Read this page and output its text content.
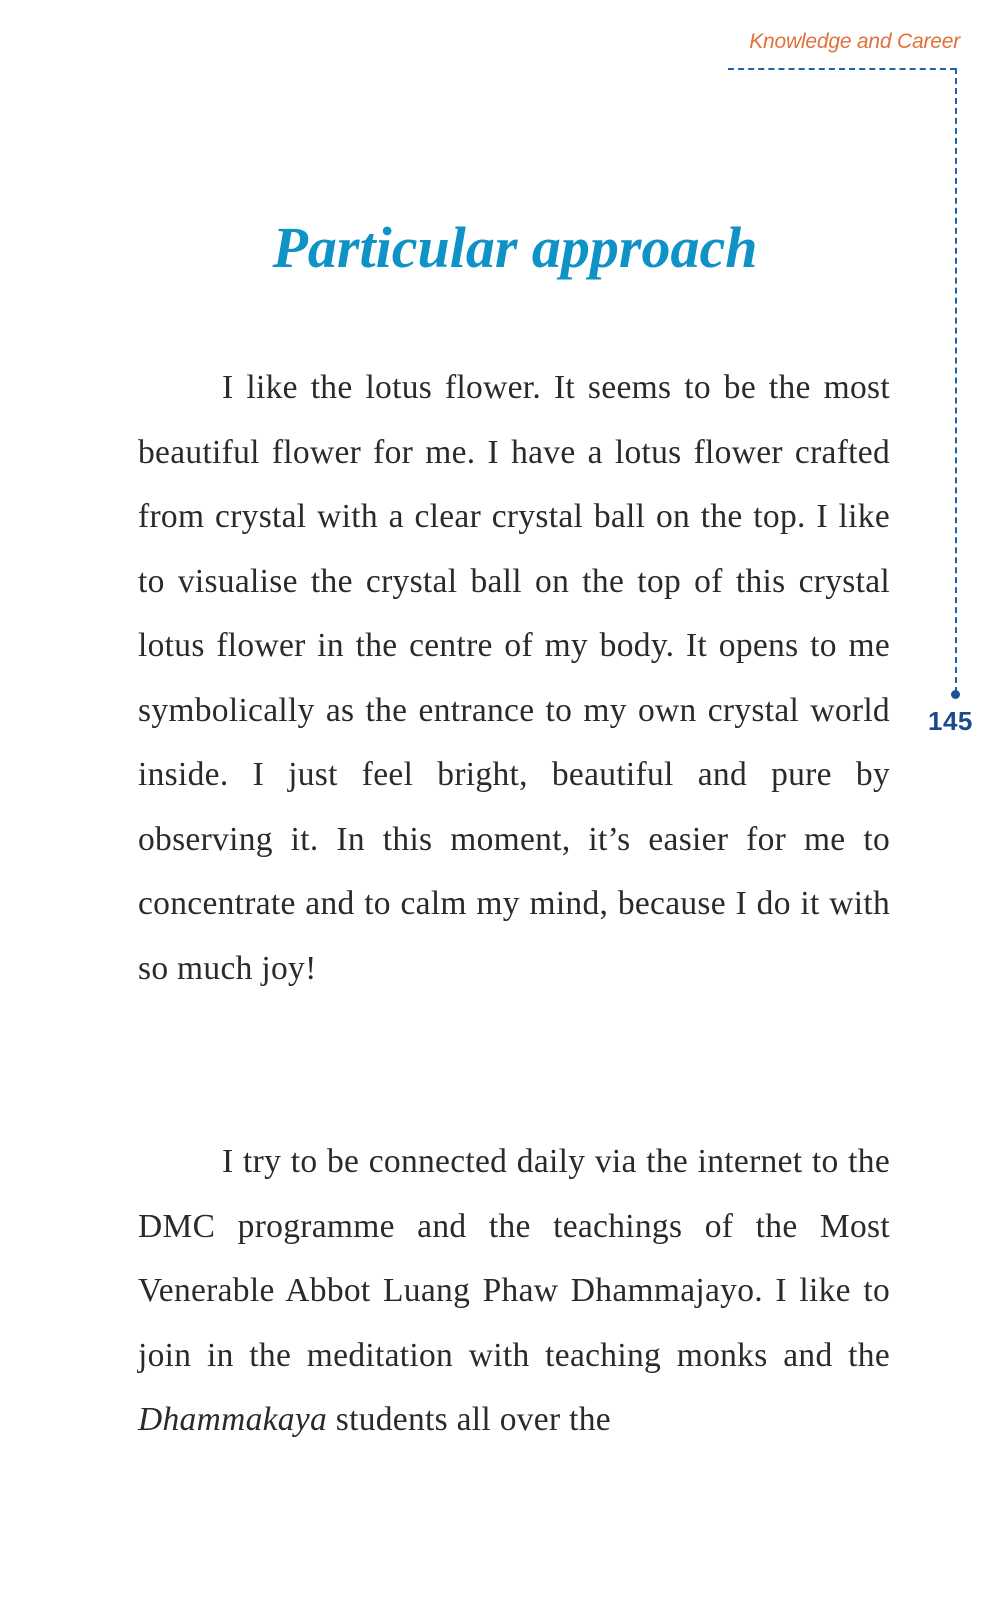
Knowledge and Career
145
Particular approach

I like the lotus flower. It seems to be the most beautiful flower for me. I have a lotus flower crafted from crystal with a clear crystal ball on the top. I like to visualise the crystal ball on the top of this crystal lotus flower in the centre of my body. It opens to me symbolically as the entrance to my own crystal world inside. I just feel bright, beautiful and pure by observing it. In this moment, it’s easier for me to concentrate and to calm my mind, because I do it with so much joy!

I try to be connected daily via the internet to the DMC programme and the teachings of the Most Venerable Abbot Luang Phaw Dhammajayo. I like to join in the meditation with teaching monks and the Dhammakaya students all over the
